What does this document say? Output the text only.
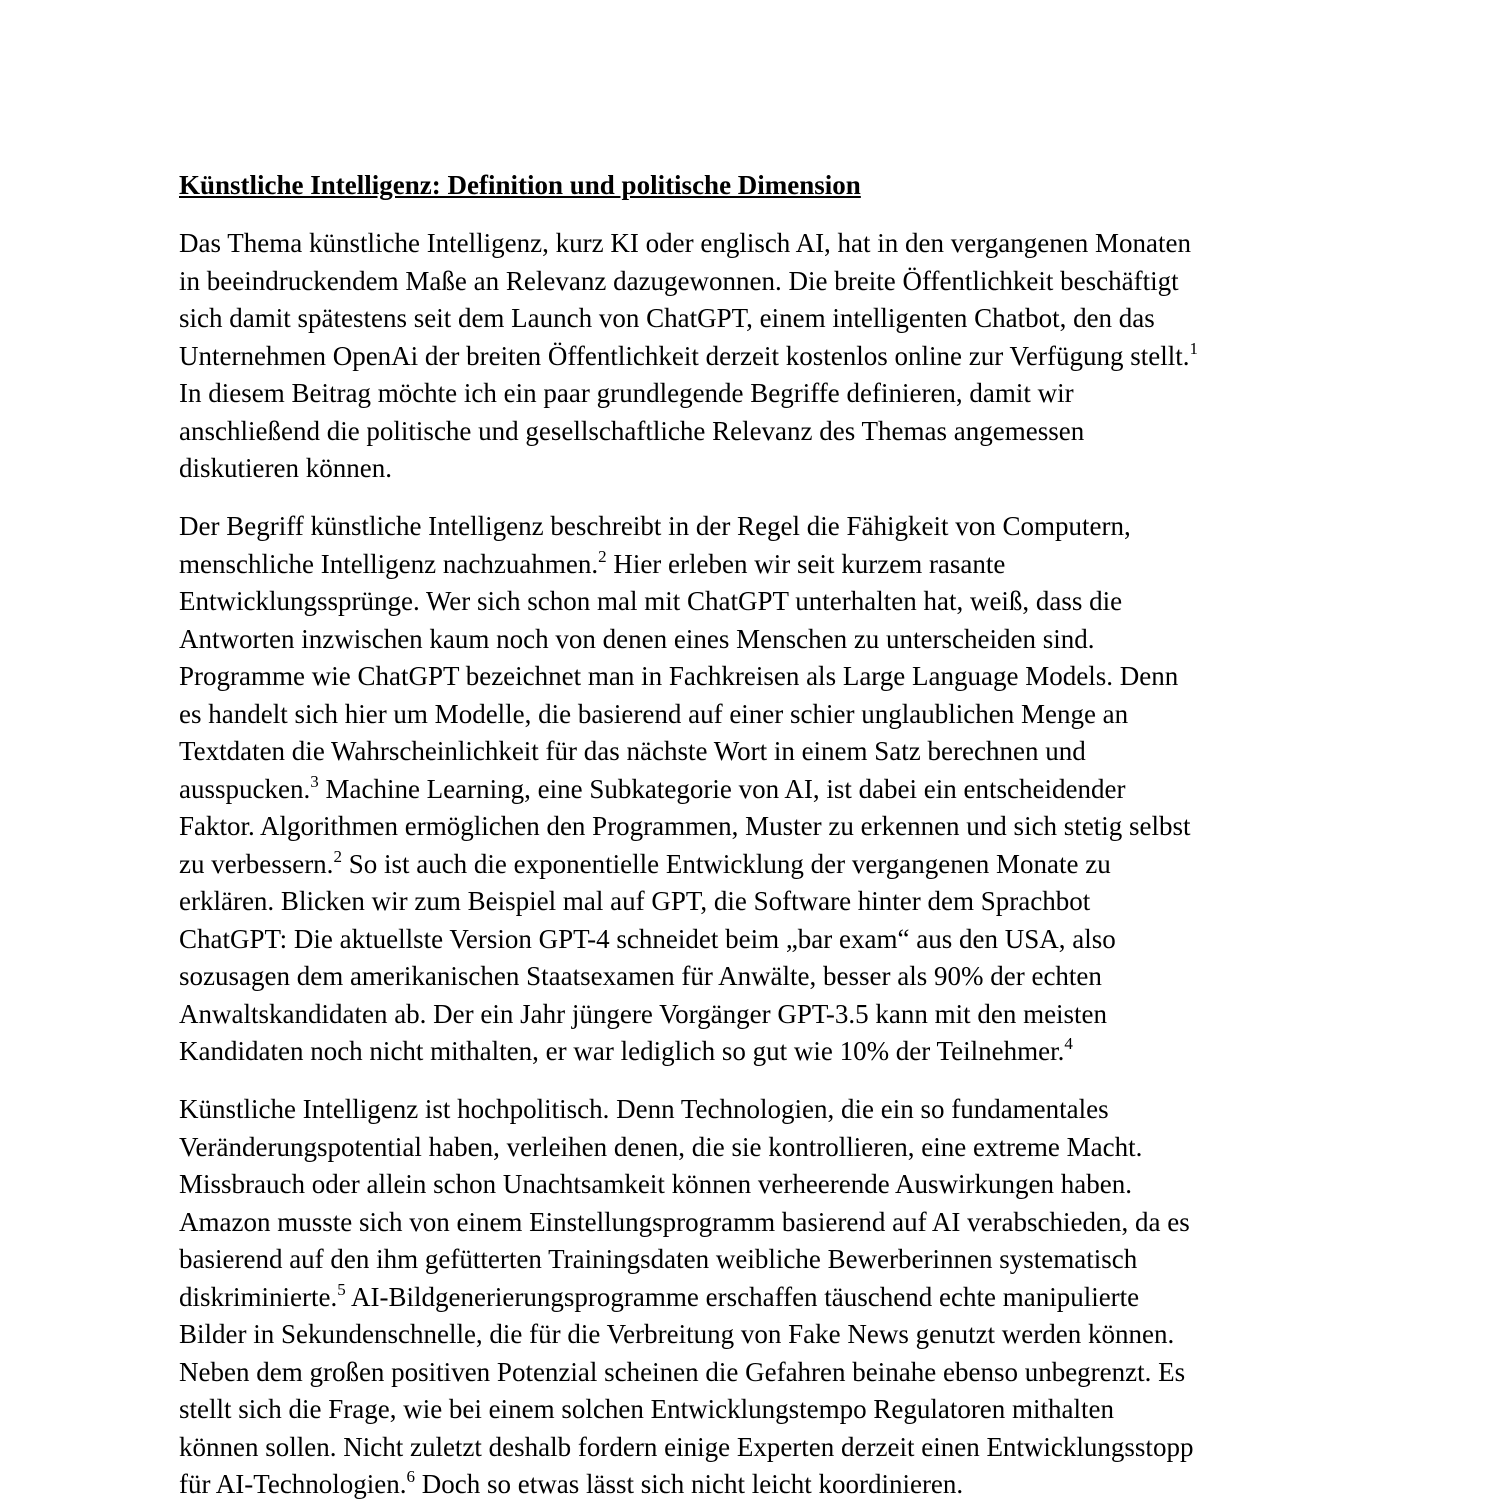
Künstliche Intelligenz: Definition und politische Dimension
Das Thema künstliche Intelligenz, kurz KI oder englisch AI, hat in den vergangenen Monaten
in beeindruckendem Maße an Relevanz dazugewonnen. Die breite Öffentlichkeit beschäftigt
sich damit spätestens seit dem Launch von ChatGPT, einem intelligenten Chatbot, den das
Unternehmen OpenAi der breiten Öffentlichkeit derzeit kostenlos online zur Verfügung stellt.$^1$
In diesem Beitrag möchte ich ein paar grundlegende Begriffe definieren, damit wir
anschließend die politische und gesellschaftliche Relevanz des Themas angemessen
diskutieren können.
Der Begriff künstliche Intelligenz beschreibt in der Regel die Fähigkeit von Computern,
menschliche Intelligenz nachzuahmen.$^2$ Hier erleben wir seit kurzem rasante
Entwicklungssprünge. Wer sich schon mal mit ChatGPT unterhalten hat, weiß, dass die
Antworten inzwischen kaum noch von denen eines Menschen zu unterscheiden sind.
Programme wie ChatGPT bezeichnet man in Fachkreisen als Large Language Models. Denn
es handelt sich hier um Modelle, die basierend auf einer schier unglaublichen Menge an
Textdaten die Wahrscheinlichkeit für das nächste Wort in einem Satz berechnen und
ausspucken.$^3$ Machine Learning, eine Subkategorie von AI, ist dabei ein entscheidender
Faktor. Algorithmen ermöglichen den Programmen, Muster zu erkennen und sich stetig selbst
zu verbessern.$^2$ So ist auch die exponentielle Entwicklung der vergangenen Monate zu
erklären. Blicken wir zum Beispiel mal auf GPT, die Software hinter dem Sprachbot
ChatGPT: Die aktuellste Version GPT-4 schneidet beim „bar exam“ aus den USA, also
sozusagen dem amerikanischen Staatsexamen für Anwälte, besser als 90% der echten
Anwaltskandidaten ab. Der ein Jahr jüngere Vorgänger GPT-3.5 kann mit den meisten
Kandidaten noch nicht mithalten, er war lediglich so gut wie 10% der Teilnehmer.$^4$
Künstliche Intelligenz ist hochpolitisch. Denn Technologien, die ein so fundamentales
Veränderungspotential haben, verleihen denen, die sie kontrollieren, eine extreme Macht.
Missbrauch oder allein schon Unachtsamkeit können verheerende Auswirkungen haben.
Amazon musste sich von einem Einstellungsprogramm basierend auf AI verabschieden, da es
basierend auf den ihm gefütterten Trainingsdaten weibliche Bewerberinnen systematisch
diskriminierte.$^5$ AI-Bildgenerierungsprogramme erschaffen täuschend echte manipulierte
Bilder in Sekundenschnelle, die für die Verbreitung von Fake News genutzt werden können.
Neben dem großen positiven Potenzial scheinen die Gefahren beinahe ebenso unbegrenzt. Es
stellt sich die Frage, wie bei einem solchen Entwicklungstempo Regulatoren mithalten
können sollen. Nicht zuletzt deshalb fordern einige Experten derzeit einen Entwicklungsstopp
für AI-Technologien.$^6$ Doch so etwas lässt sich nicht leicht koordinieren.
